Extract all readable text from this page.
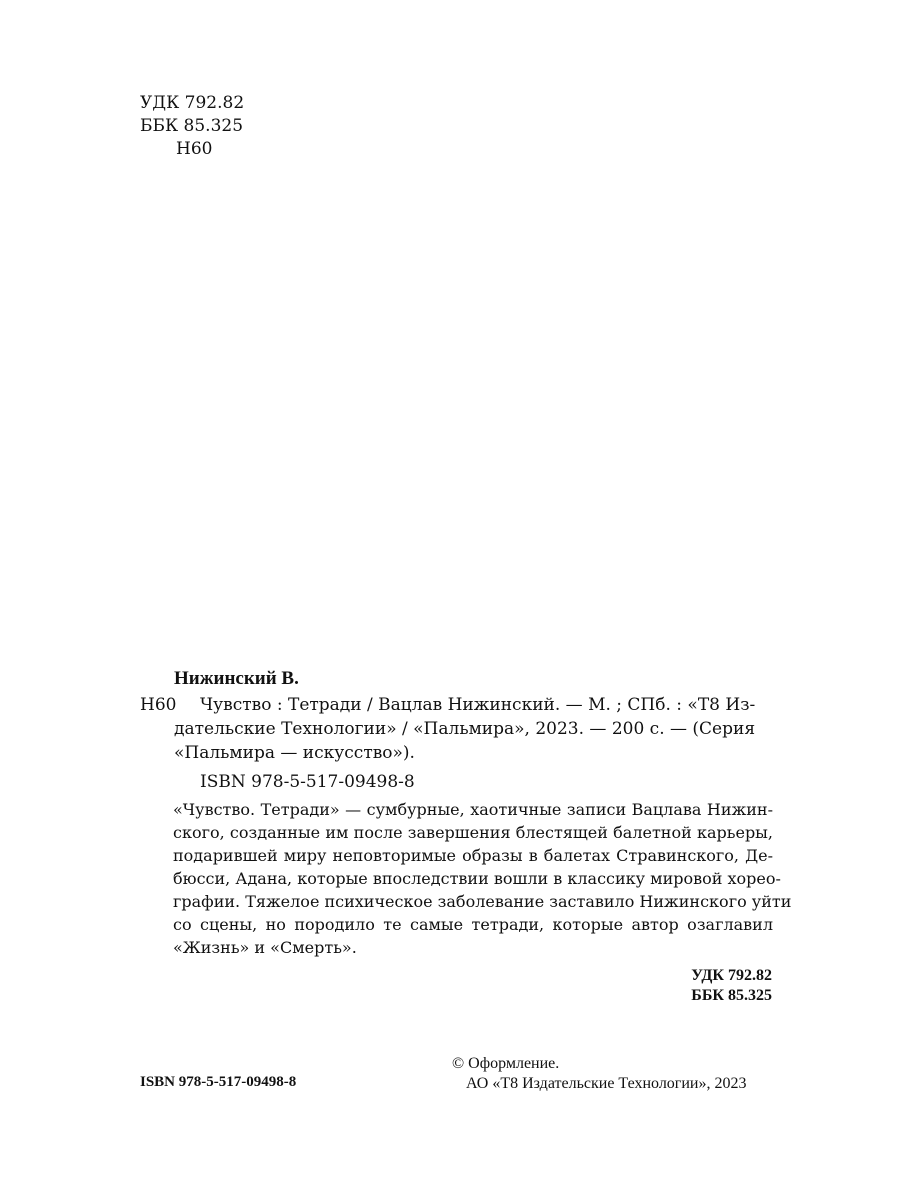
УДК 792.82
ББК 85.325
Н60
Нижинский В.
Н60 Чувство : Тетради / Вацлав Нижинский. — М. ; СПб. : «Т8 Из-
дательские Технологии» / «Пальмира», 2023. — 200 с. — (Серия
«Пальмира — искусство»).
ISBN 978-5-517-09498-8
«Чувство. Тетради» — сумбурные, хаотичные записи Вацлава Нижин-
ского, созданные им после завершения блестящей балетной карьеры,
подарившей миру неповторимые образы в балетах Стравинского, Де-
бюсси, Адана, которые впоследствии вошли в классику мировой хорео-
графии. Тяжелое психическое заболевание заставило Нижинского уйти
со сцены, но породило те самые тетради, которые автор озаглавил
«Жизнь» и «Смерть».
УДК 792.82
ББК 85.325
© Оформление.
АО «Т8 Издательские Технологии», 2023
ISBN 978-5-517-09498-8
